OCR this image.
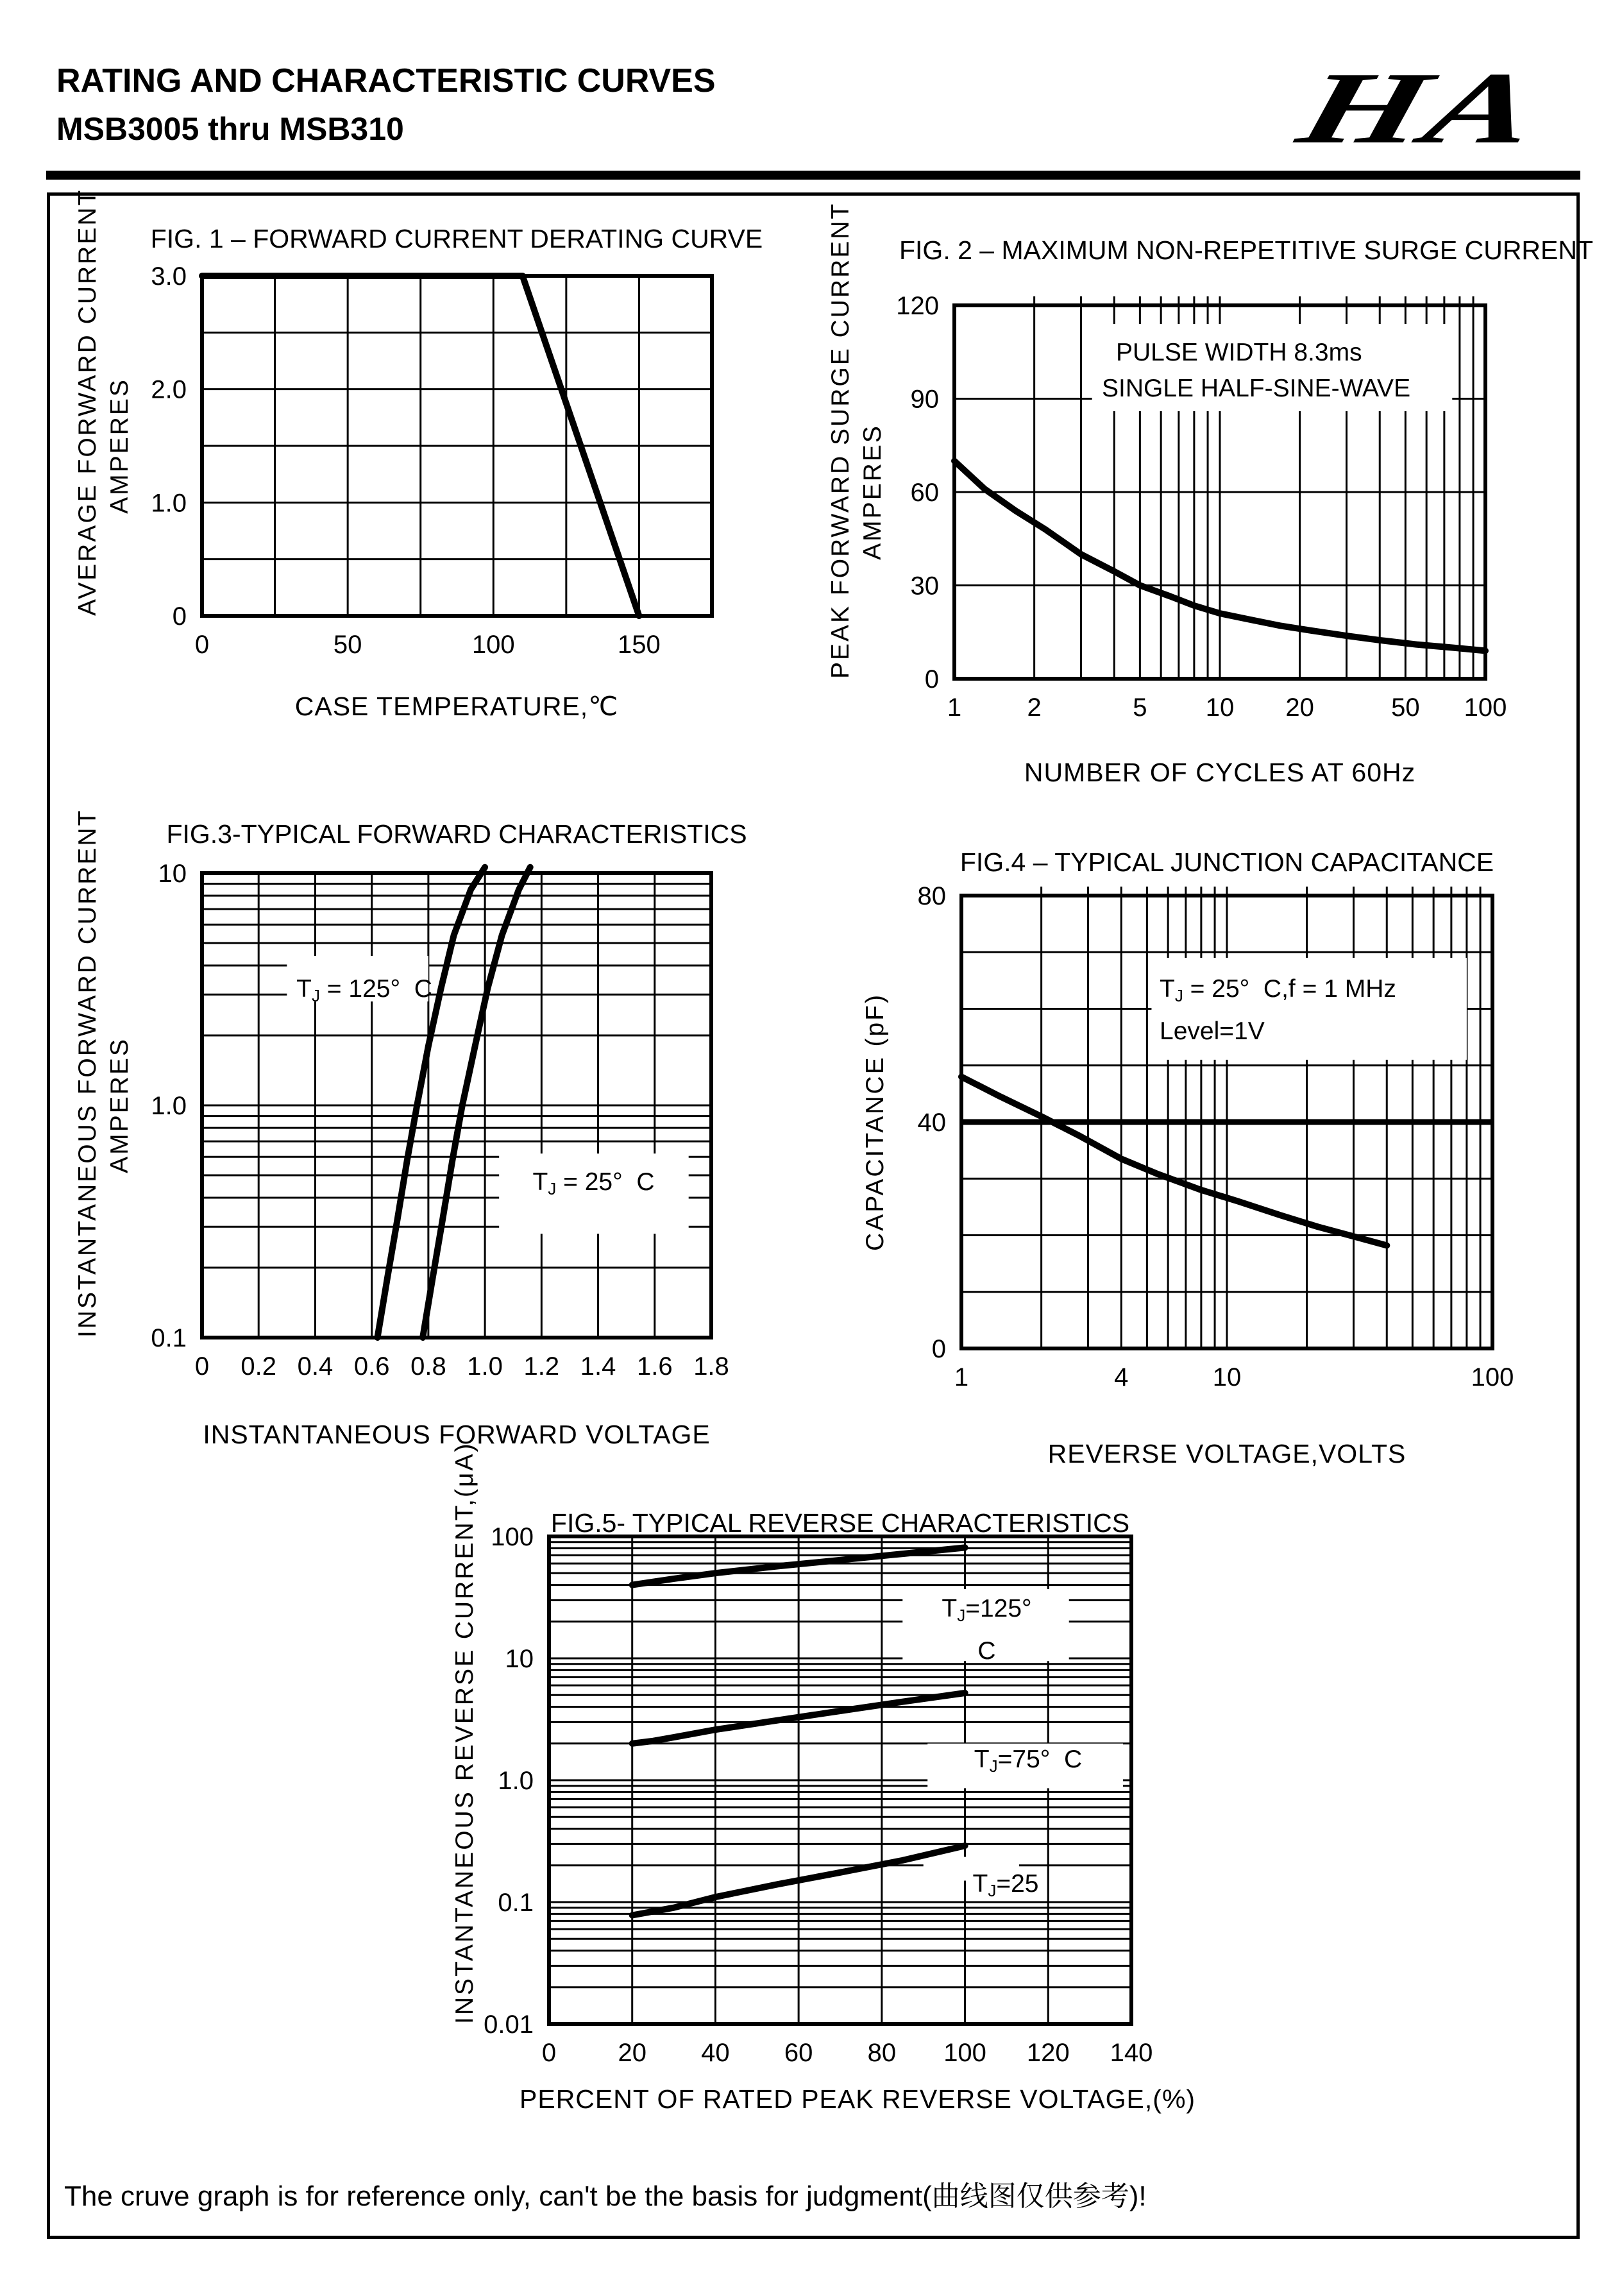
RATING AND CHARACTERISTIC CURVES
MSB3005 thru MSB310	HA
FIG. 1 – FORWARD CURRENT DERATING CURVE
AVERAGE FORWARD CURRENT AMPERES
0	50	100	150
0
1.0
2.0
3.0
CASE TEMPERATURE,℃
FIG. 2 – MAXIMUM NON-REPETITIVE SURGE CURRENT
PEAK FORWARD SURGE CURRENT AMPERES
1	2	5 10 20	50 100
0
30
60
90
120
PULSE WIDTH 8.3ms
SINGLE HALF-SINE-WAVE
NUMBER OF CYCLES AT 60Hz
FIG.3-TYPICAL FORWARD CHARACTERISTICS
INSTANTANEOUS FORWARD CURRENT AMPERES
0 0.2 0.4 0.6 0.8 1.0 1.2 1.4 1.6 1.8
0.1
1.0
10
$T_J = 125^\circ$  C
$T_J = 25^\circ$  C
INSTANTANEOUS FORWARD VOLTAGE
FIG.4 – TYPICAL JUNCTION CAPACITANCE
CAPACITANCE (pF)
1	4	10	100
0
40
80
$T_J = 25^\circ$  C,f = 1 MHz
Level=1V
REVERSE VOLTAGE,VOLTS
FIG.5- TYPICAL REVERSE CHARACTERISTICS
INSTANTANEOUS REVERSE CURRENT,(μA)
0 20 40 60 80 100 120 140
0.01
0.1
1.0
10
100
$T_J=125^\circ$
C
$T_J=75^\circ$  C
$T_J=25$
PERCENT OF RATED PEAK REVERSE VOLTAGE,(%)
The cruve graph is for reference only, can't be the basis for judgment(曲线图仅供参考)!
